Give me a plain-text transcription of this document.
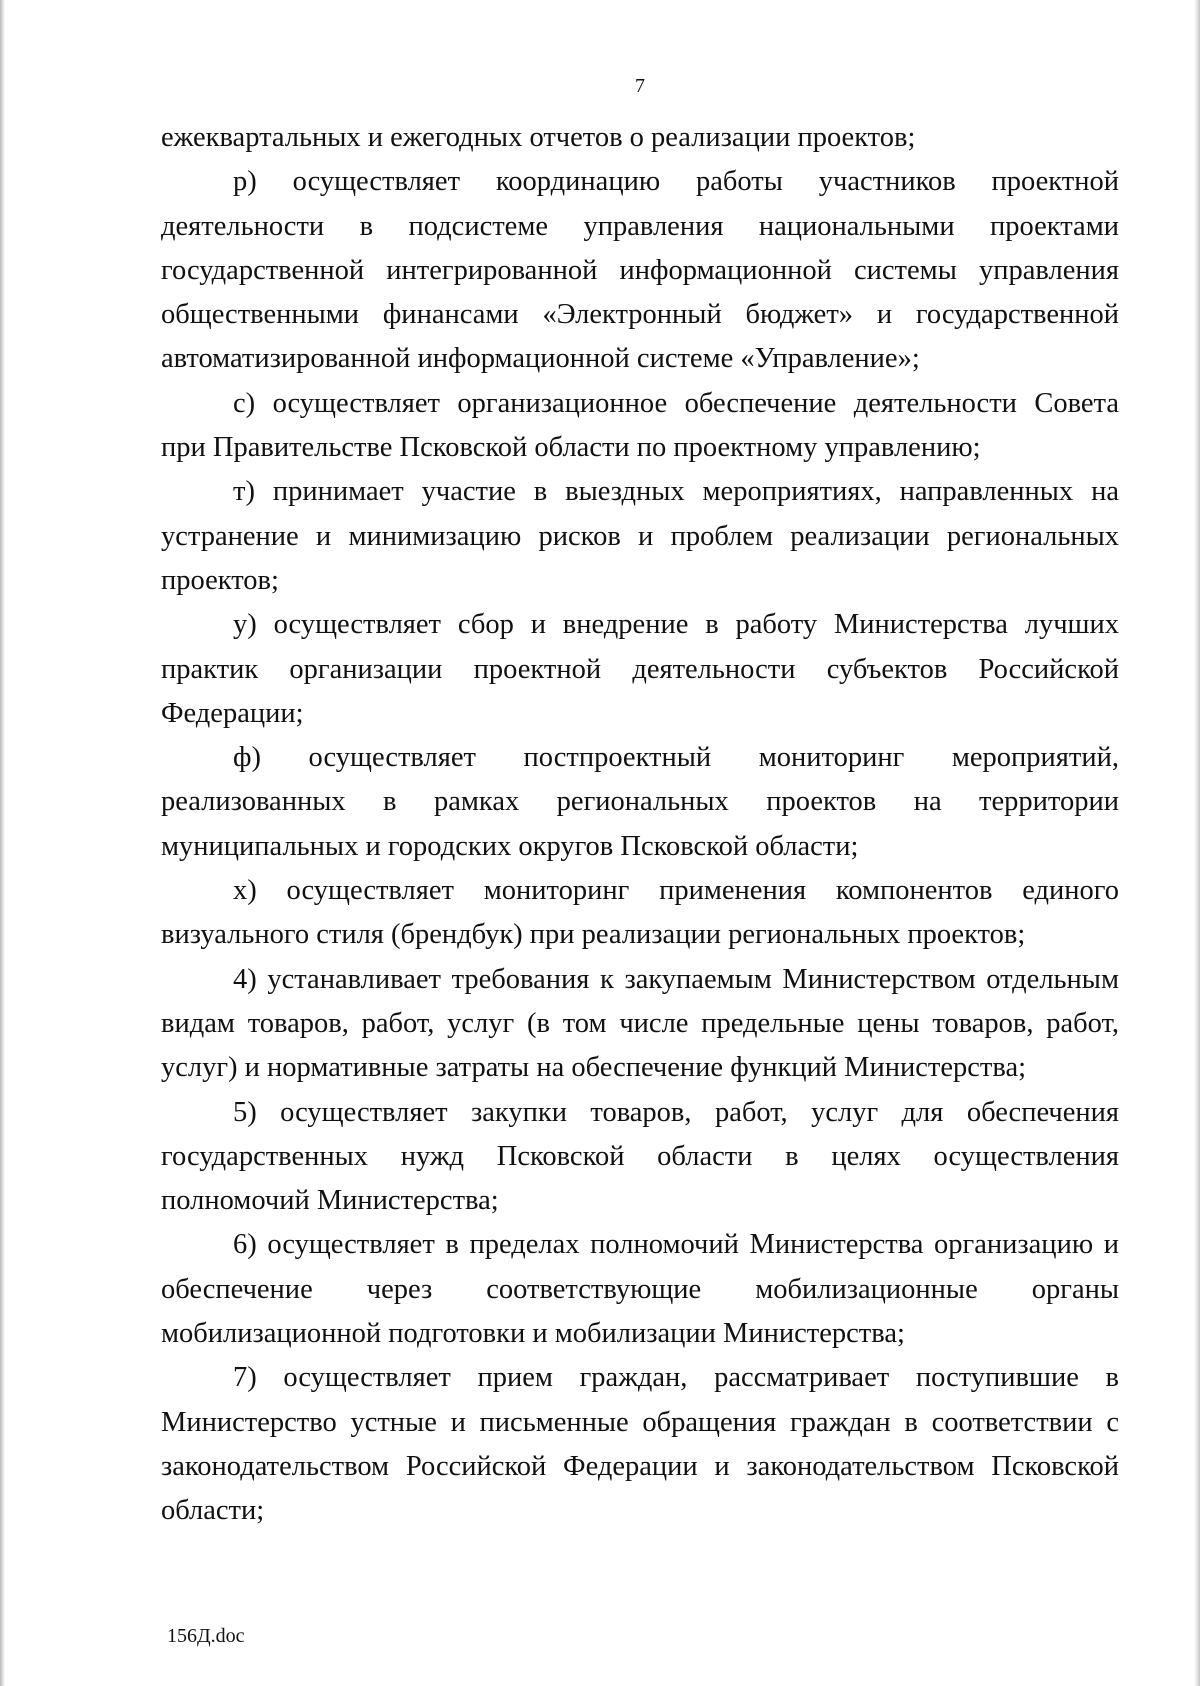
7

ежеквартальных и ежегодных отчетов о реализации проектов;

р) осуществляет координацию работы участников проектной деятельности в подсистеме управления национальными проектами государственной интегрированной информационной системы управления общественными финансами «Электронный бюджет» и государственной автоматизированной информационной системе «Управление»;

с) осуществляет организационное обеспечение деятельности Совета при Правительстве Псковской области по проектному управлению;

т) принимает участие в выездных мероприятиях, направленных на устранение и минимизацию рисков и проблем реализации региональных проектов;

у) осуществляет сбор и внедрение в работу Министерства лучших практик организации проектной деятельности субъектов Российской Федерации;

ф) осуществляет постпроектный мониторинг мероприятий, реализованных в рамках региональных проектов на территории муниципальных и городских округов Псковской области;

х) осуществляет мониторинг применения компонентов единого визуального стиля (брендбук) при реализации региональных проектов;

4) устанавливает требования к закупаемым Министерством отдельным видам товаров, работ, услуг (в том числе предельные цены товаров, работ, услуг) и нормативные затраты на обеспечение функций Министерства;

5) осуществляет закупки товаров, работ, услуг для обеспечения государственных нужд Псковской области в целях осуществления полномочий Министерства;

6) осуществляет в пределах полномочий Министерства организацию и обеспечение через соответствующие мобилизационные органы мобилизационной подготовки и мобилизации Министерства;

7) осуществляет прием граждан, рассматривает поступившие в Министерство устные и письменные обращения граждан в соответствии с законодательством Российской Федерации и законодательством Псковской области;

156Д.doc
